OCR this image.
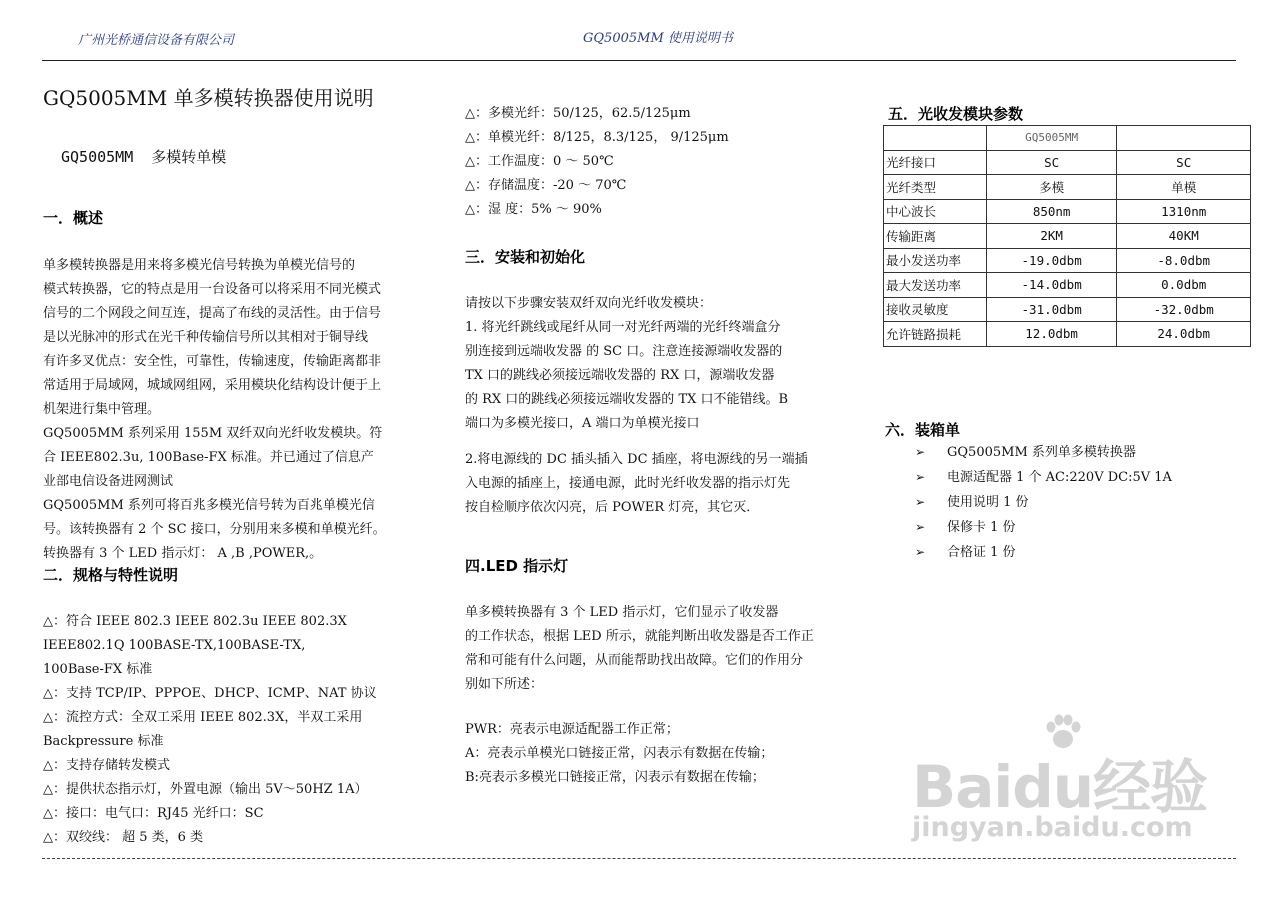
广州光桥通信设备有限公司	GQ5005MM 使用说明书
GQ5005MM 单多模转换器使用说明
GQ5005MM  多模转单模
一．概述

单多模转换器是用来将多模光信号转换为单模光信号的
模式转换器，它的特点是用一台设备可以将采用不同光模式
信号的二个网段之间互连，提高了布线的灵活性。由于信号
是以光脉冲的形式在光千种传输信号所以其相对于铜导线
有许多叉优点：安全性，可靠性，传输速度，传输距离都非
常适用于局域网，城域网组网，采用模块化结构设计便于上
机架进行集中管理。
GQ5005MM 系列采用 155M 双纤双向光纤收发模块。符
合 IEEE802.3u, 100Base-FX 标准。并已通过了信息产
业部电信设备进网测试
GQ5005MM 系列可将百兆多模光信号转为百兆单模光信
号。该转换器有 2 个 SC 接口，分别用来多模和单模光纤。
转换器有 3 个 LED 指示灯： A ,B ,POWER,。

二．规格与特性说明

△：符合 IEEE 802.3 IEEE 802.3u IEEE 802.3X
IEEE802.1Q 100BASE-TX,100BASE-TX,
100Base-FX 标准
△：支持 TCP/IP、PPPOE、DHCP、ICMP、NAT 协议
△：流控方式：全双工采用 IEEE 802.3X，半双工采用
Backpressure 标准
△：支持存储转发模式
△：提供状态指示灯，外置电源（输出 5V～50HZ 1A）
△：接口：电气口：RJ45 光纤口：SC
△：双绞线： 超 5 类，6 类

△：多模光纤：50/125，62.5/125μm
△：单模光纤：8/125，8.3/125， 9/125μm
△：工作温度：0 ～ 50℃
△：存储温度：-20 ～ 70℃
△：湿 度：5% ～ 90%

三．安装和初始化

请按以下步骤安装双纤双向光纤收发模块：
1. 将光纤跳线或尾纤从同一对光纤两端的光纤终端盒分
别连接到远端收发器 的 SC 口。注意连接源端收发器的
TX 口的跳线必须接远端收发器的 RX 口，源端收发器
的 RX 口的跳线必须接远端收发器的 TX 口不能错线。B
端口为多模光接口，A 端口为单模光接口
2.将电源线的 DC 插头插入 DC 插座，将电源线的另一端插
入电源的插座上，接通电源，此时光纤收发器的指示灯先
按自检顺序依次闪亮，后 POWER 灯亮，其它灭．

四.LED 指示灯

单多模转换器有 3 个 LED 指示灯，它们显示了收发器
的工作状态，根据 LED 所示，就能判断出收发器是否工作正
常和可能有什么问题，从而能帮助找出故障。它们的作用分
别如下所述：

PWR：亮表示电源适配器工作正常；
A：亮表示单模光口链接正常，闪表示有数据在传输；
B:亮表示多模光口链接正常，闪表示有数据在传输；

五．光收发模块参数
	GQ5005MM	
光纤接口	SC	SC
光纤类型	多模	单模
中心波长	850nm	1310nm
传输距离	2KM	40KM
最小发送功率	-19.0dbm	-8.0dbm
最大发送功率	-14.0dbm	0.0dbm
接收灵敏度	-31.0dbm	-32.0dbm
允许链路损耗	12.0dbm	24.0dbm
六．装箱单
➢ GQ5005MM 系列单多模转换器
➢ 电源适配器 1 个 AC:220V DC:5V 1A
➢ 使用说明 1 份
➢ 保修卡 1 份
➢ 合格证 1 份
Baidu经验
jingyan.baidu.com
